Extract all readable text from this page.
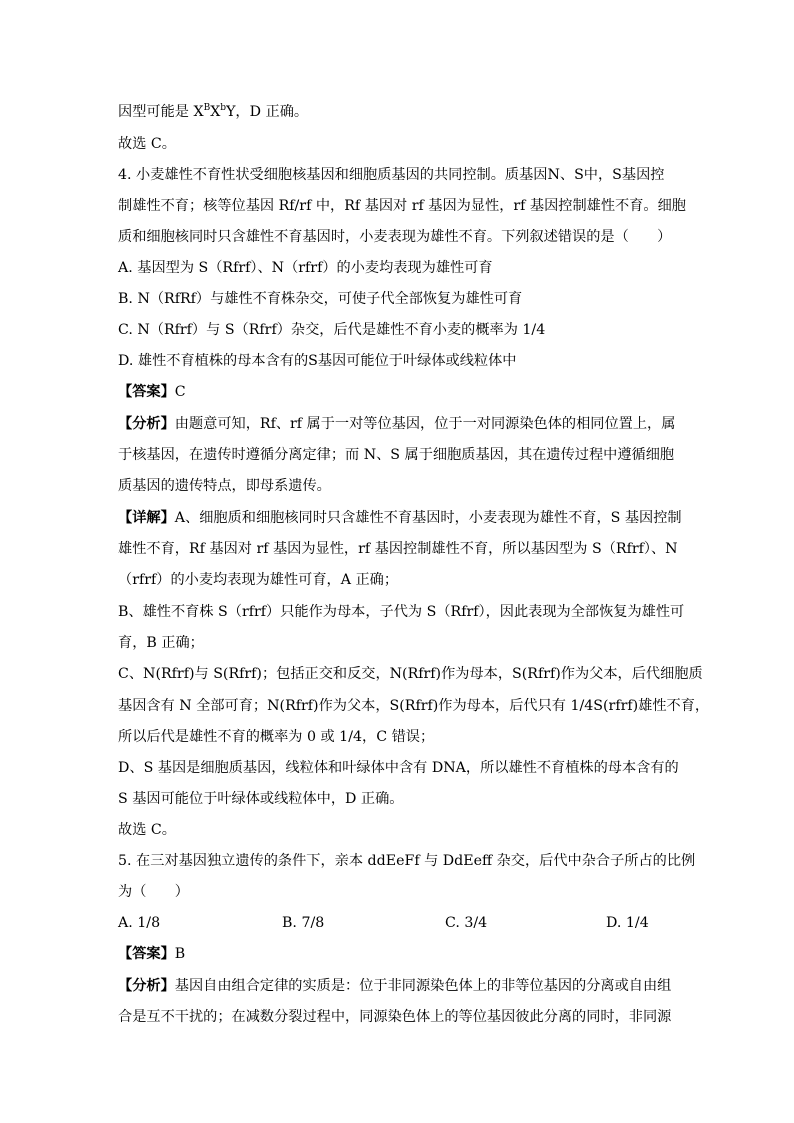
因型可能是 $X^BX^bY$，D 正确。
故选 C。
4. 小麦雄性不育性状受细胞核基因和细胞质基因的共同控制。质基因N、S中，S基因控
制雄性不育；核等位基因 Rf/rf 中，Rf 基因对 rf 基因为显性，rf 基因控制雄性不育。细胞
质和细胞核同时只含雄性不育基因时，小麦表现为雄性不育。下列叙述错误的是（　　）
A. 基因型为 S（Rfrf）、N（rfrf）的小麦均表现为雄性可育
B. N（RfRf）与雄性不育株杂交，可使子代全部恢复为雄性可育
C. N（Rfrf）与 S（Rfrf）杂交，后代是雄性不育小麦的概率为 1/4
D. 雄性不育植株的母本含有的S基因可能位于叶绿体或线粒体中
【答案】C
【分析】由题意可知，Rf、rf 属于一对等位基因，位于一对同源染色体的相同位置上，属
于核基因，在遗传时遵循分离定律；而 N、S 属于细胞质基因，其在遗传过程中遵循细胞
质基因的遗传特点，即母系遗传。
【详解】A、细胞质和细胞核同时只含雄性不育基因时，小麦表现为雄性不育，S 基因控制
雄性不育，Rf 基因对 rf 基因为显性，rf 基因控制雄性不育，所以基因型为 S（Rfrf）、N
（rfrf）的小麦均表现为雄性可育，A 正确；
B、雄性不育株 S（rfrf）只能作为母本，子代为 S（Rfrf），因此表现为全部恢复为雄性可
育，B 正确；
C、N(Rfrf)与 S(Rfrf)；包括正交和反交，N(Rfrf)作为母本，S(Rfrf)作为父本，后代细胞质
基因含有 N 全部可育；N(Rfrf)作为父本，S(Rfrf)作为母本，后代只有 1/4S(rfrf)雄性不育，
所以后代是雄性不育的概率为 0 或 1/4，C 错误；
D、S 基因是细胞质基因，线粒体和叶绿体中含有 DNA，所以雄性不育植株的母本含有的
S 基因可能位于叶绿体或线粒体中，D 正确。
故选 C。
5. 在三对基因独立遗传的条件下，亲本 ddEeFf 与 DdEeff 杂交，后代中杂合子所占的比例
为（　　）
A. 1/8	B. 7/8	C. 3/4	D. 1/4
【答案】B
【分析】基因自由组合定律的实质是：位于非同源染色体上的非等位基因的分离或自由组
合是互不干扰的；在减数分裂过程中，同源染色体上的等位基因彼此分离的同时，非同源
